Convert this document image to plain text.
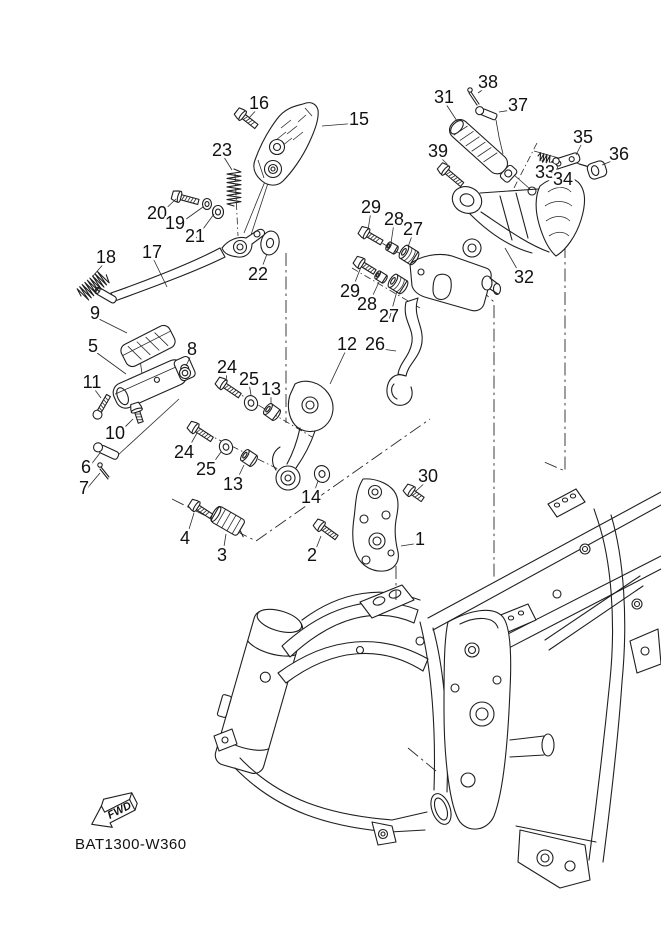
16
15
23
20
19
21
18 17
22
9
5	8
11
10
24
25 13
24
25
13
6
7	14
4
3	2
30
1
12 26
29
28
27
29
28
27
31
38
37
35
36
33
34
39
32
FWD
BAT1300-W360
